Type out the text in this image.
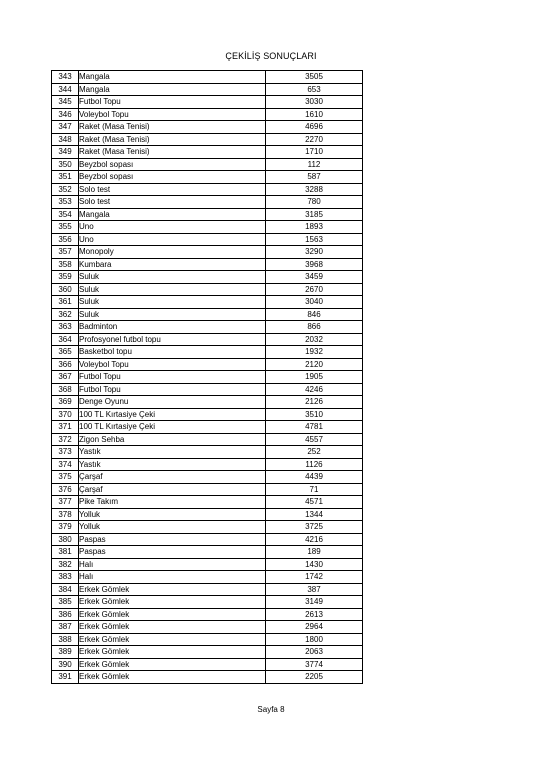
ÇEKİLİŞ SONUÇLARI
343	Mangala	3505
344	Mangala	653
345	Futbol Topu	3030
346	Voleybol Topu	1610
347	Raket (Masa Tenisi)	4696
348	Raket (Masa Tenisi)	2270
349	Raket (Masa Tenisi)	1710
350	Beyzbol sopası	112
351	Beyzbol sopası	587
352	Solo test	3288
353	Solo test	780
354	Mangala	3185
355	Uno	1893
356	Uno	1563
357	Monopoly	3290
358	Kumbara	3968
359	Suluk	3459
360	Suluk	2670
361	Suluk	3040
362	Suluk	846
363	Badminton	866
364	Profosyonel futbol topu	2032
365	Basketbol topu	1932
366	Voleybol Topu	2120
367	Futbol Topu	1905
368	Futbol Topu	4246
369	Denge Oyunu	2126
370	100 TL Kırtasiye Çeki	3510
371	100 TL Kırtasiye Çeki	4781
372	Zigon Sehba	4557
373	Yastık	252
374	Yastık	1126
375	Çarşaf	4439
376	Çarşaf	71
377	Pike Takım	4571
378	Yolluk	1344
379	Yolluk	3725
380	Paspas	4216
381	Paspas	189
382	Halı	1430
383	Halı	1742
384	Erkek Gömlek	387
385	Erkek Gömlek	3149
386	Erkek Gömlek	2613
387	Erkek Gömlek	2964
388	Erkek Gömlek	1800
389	Erkek Gömlek	2063
390	Erkek Gömlek	3774
391	Erkek Gömlek	2205
Sayfa 8
